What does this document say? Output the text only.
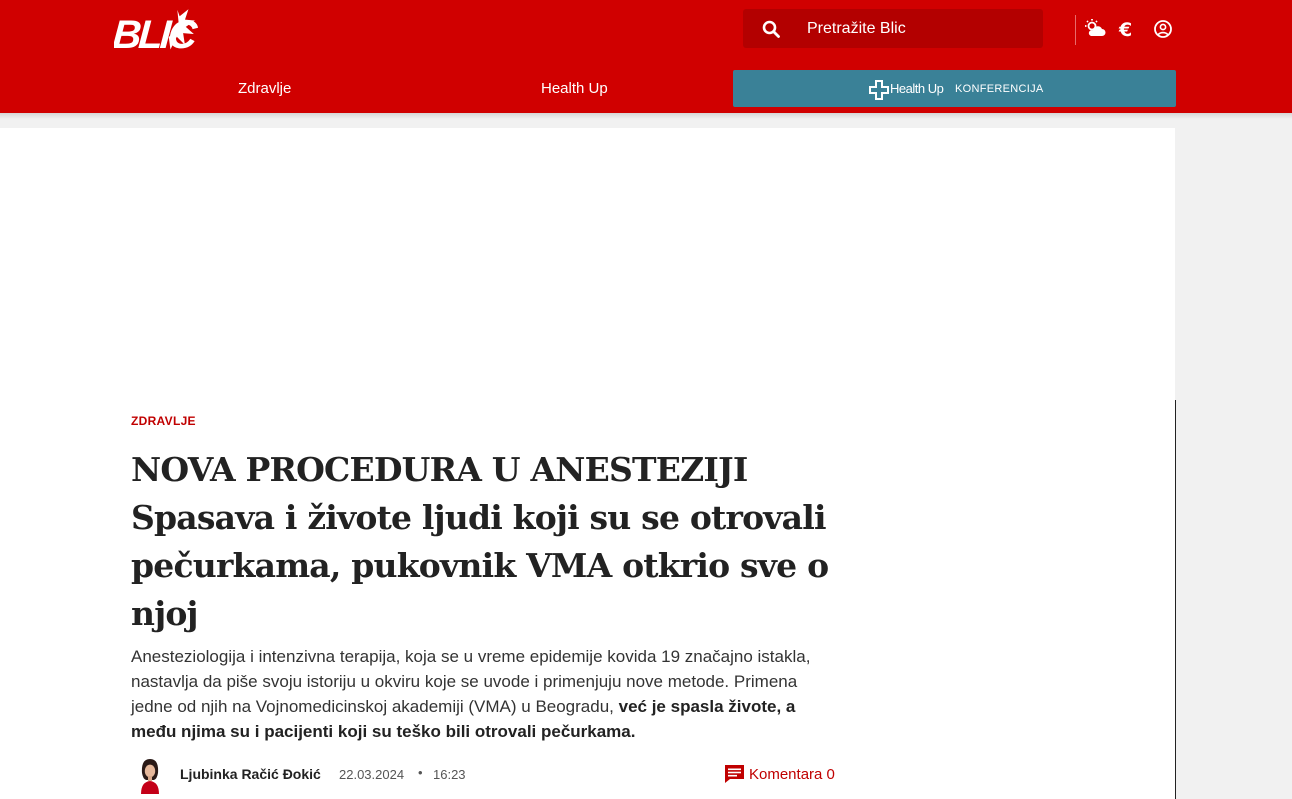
BLIC	Pretražite Blic	€
Zdravlje	Health Up	Health Up KONFERENCIJA
ZDRAVLJE
NOVA PROCEDURA U ANESTEZIJI Spasava i živote ljudi koji su se otrovali pečurkama, pukovnik VMA otkrio sve o njoj

Anesteziologija i intenzivna terapija, koja se u vreme epidemije kovida 19 značajno istakla, nastavlja da piše svoju istoriju u okviru koje se uvode i primenjuju nove metode. Primena jedne od njih na Vojnomedicinskoj akademiji (VMA) u Beogradu, već je spasla živote, a među njima su i pacijenti koji su teško bili otrovali pečurkama.

Ljubinka Račić Đokić 22.03.2024 • 16:23	Komentara 0
